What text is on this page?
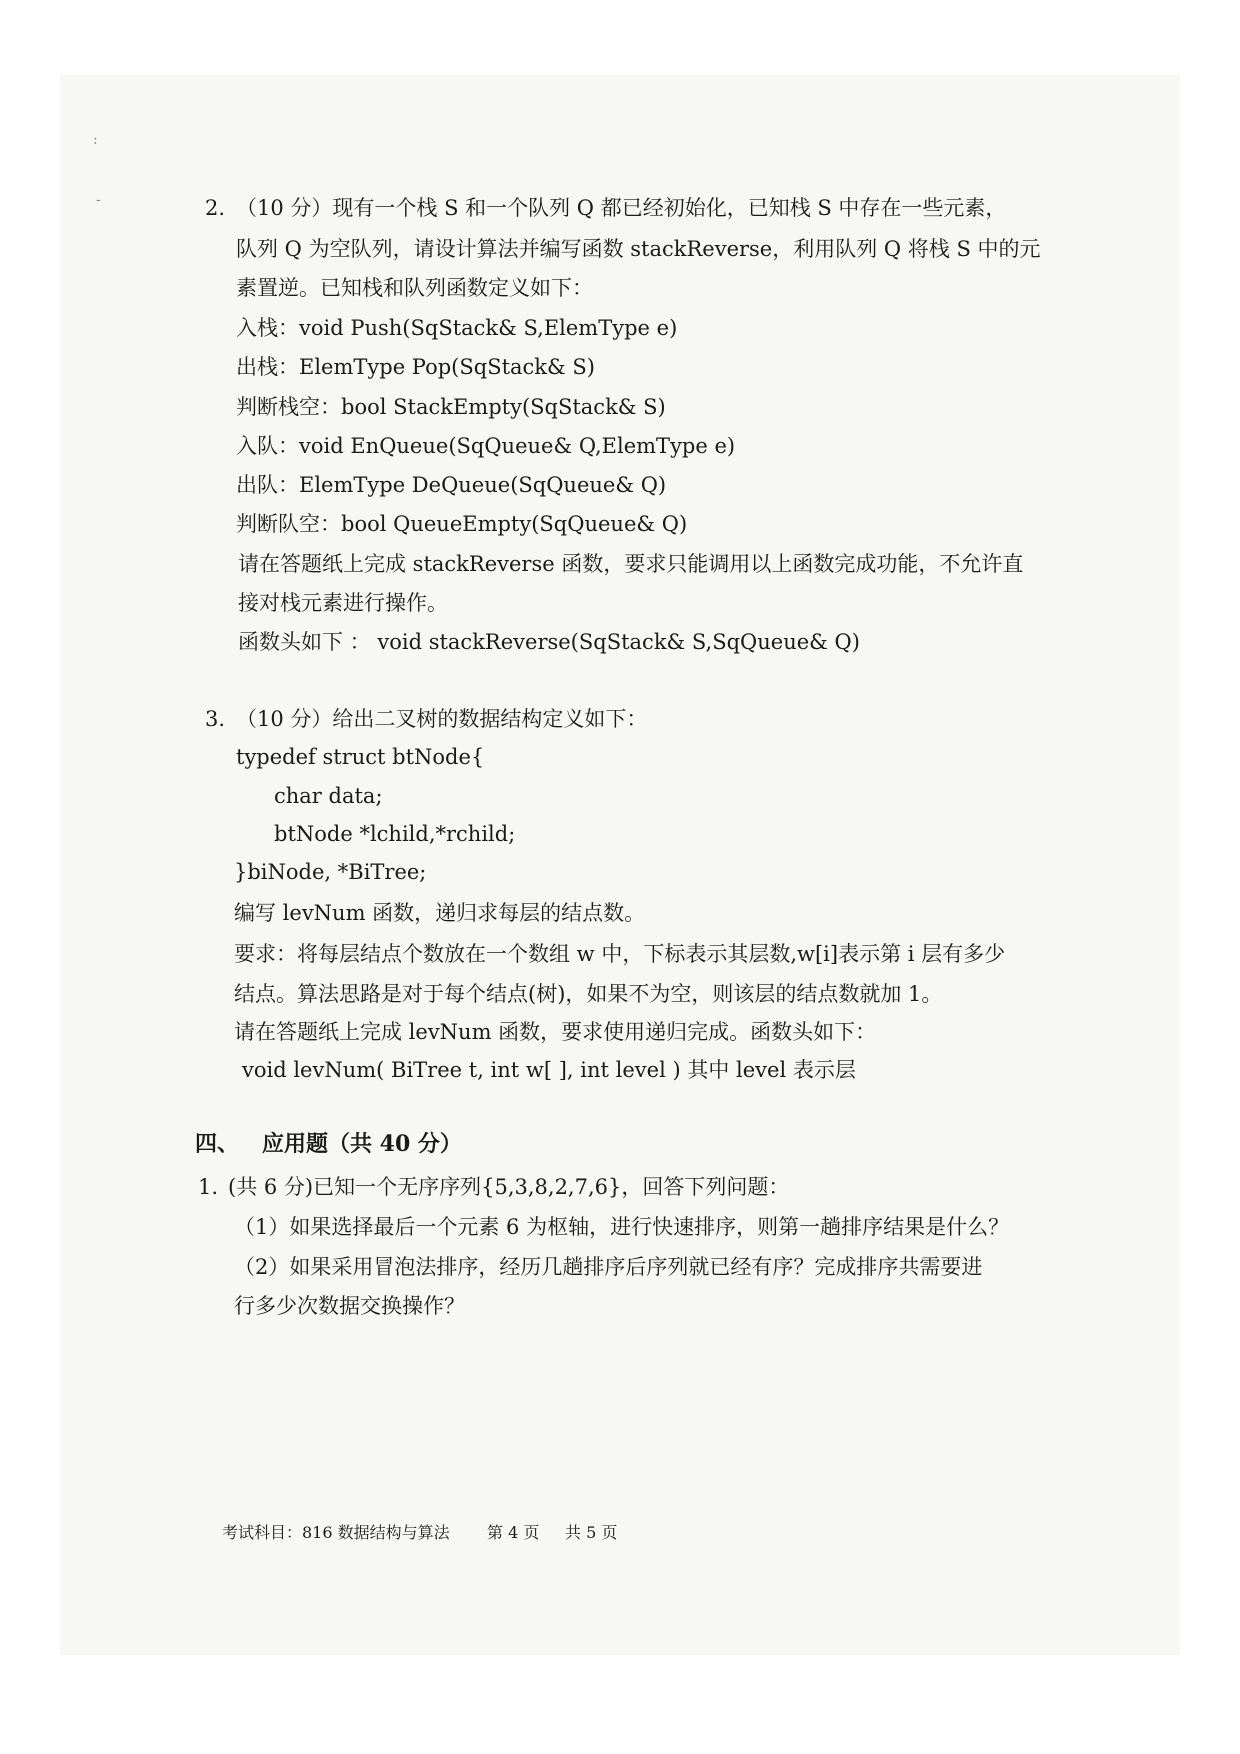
:
-	2. （10 分）现有一个栈 S 和一个队列 Q 都已经初始化，已知栈 S 中存在一些元素，
队列 Q 为空队列，请设计算法并编写函数 stackReverse，利用队列 Q 将栈 S 中的元
素置逆。已知栈和队列函数定义如下：
入栈：void Push(SqStack& S,ElemType e)
出栈：ElemType Pop(SqStack& S)
判断栈空：bool StackEmpty(SqStack& S)
入队：void EnQueue(SqQueue& Q,ElemType e)
出队：ElemType DeQueue(SqQueue& Q)
判断队空：bool QueueEmpty(SqQueue& Q)
请在答题纸上完成 stackReverse 函数，要求只能调用以上函数完成功能，不允许直
接对栈元素进行操作。
函数头如下 ： void stackReverse(SqStack& S,SqQueue& Q)
3. （10 分）给出二叉树的数据结构定义如下：
typedef struct btNode{
char data;
btNode *lchild,*rchild;
}biNode, *BiTree;
编写 levNum 函数，递归求每层的结点数。
要求：将每层结点个数放在一个数组 w 中，下标表示其层数,w[i]表示第 i 层有多少
结点。算法思路是对于每个结点(树)，如果不为空，则该层的结点数就加 1。
请在答题纸上完成 levNum 函数，要求使用递归完成。函数头如下：
void levNum( BiTree t, int w[ ], int level ) 其中 level 表示层
四、 应用题（共 40 分）
1. (共 6 分)已知一个无序序列{5,3,8,2,7,6}，回答下列问题：
（1）如果选择最后一个元素 6 为枢轴，进行快速排序，则第一趟排序结果是什么？
（2）如果采用冒泡法排序，经历几趟排序后序列就已经有序？完成排序共需要进
行多少次数据交换操作？
考试科目：816 数据结构与算法 第 4 页 共 5 页
